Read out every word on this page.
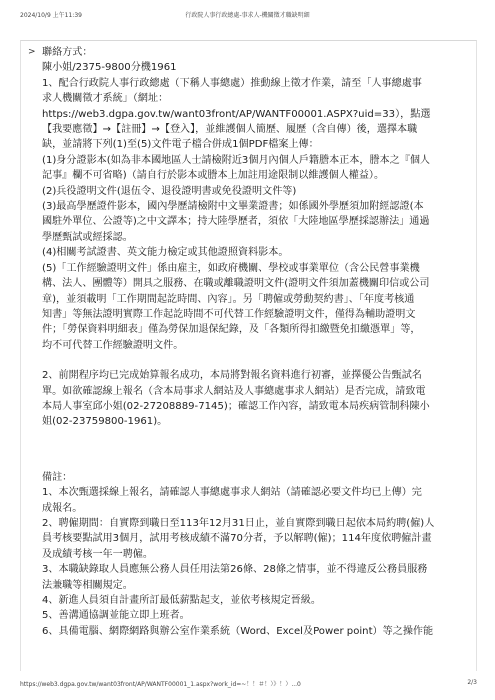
2024/10/9 上午11:39	行政院人事行政總處-事求人-機關徵才職缺明細
> 聯絡方式：
陳小姐/2375-9800分機1961
1、配合行政院人事行政總處（下稱人事總處）推動線上徵才作業，請至「人事總處事
求人機關徵才系統」（網址：
https://web3.dgpa.gov.tw/want03front/AP/WANTF00001.ASPX?uid=33），點選
【我要應徵】→【註冊】→【登入】，並維護個人簡歷、履歷（含自傳）後，選擇本職
缺，並請將下列(1)至(5)文件電子檔合併成1個PDF檔案上傳：
(1)身分證影本(如為非本國地區人士請檢附近3個月內個人戶籍謄本正本，謄本之『個人
記事』欄不可省略)（請自行於影本或謄本上加註用途限制以維護個人權益）。
(2)兵役證明文件(退伍令、退役證明書或免役證明文件等)
(3)最高學歷證件影本，國內學歷請檢附中文畢業證書；如係國外學歷須加附經認證(本
國駐外單位、公證等)之中文譯本；持大陸學歷者，須依「大陸地區學歷採認辦法」通過
學歷甄試或經採認。
(4)相關考試證書、英文能力檢定或其他證照資料影本。
(5)「工作經驗證明文件」係由雇主，如政府機關、學校或事業單位（含公民營事業機
構、法人、團體等）開具之服務、在職或離職證明文件(證明文件須加蓋機關印信或公司
章)，並須載明「工作期間起訖時間、內容」。另「聘僱或勞動契約書」、「年度考核通
知書」等無法證明實際工作起訖時間不可代替工作經驗證明文件，僅得為輔助證明文
件；「勞保資料明細表」僅為勞保加退保紀錄，及「各類所得扣繳暨免扣繳憑單」等，
均不可代替工作經驗證明文件。
2、前開程序均已完成始算報名成功，本局將對報名資料進行初審，並擇優公告甄試名
單。如欲確認線上報名（含本局事求人網站及人事總處事求人網站）是否完成，請致電
本局人事室邱小姐(02-27208889-7145)；確認工作內容，請致電本局疾病管制科陳小
姐(02-23759800-1961)。
備註：
1、本次甄選採線上報名，請確認人事總處事求人網站（請確認必要文件均已上傳）完
成報名。
2、聘僱期間：自實際到職日至113年12月31日止，並自實際到職日起依本局約聘(僱)人
員考核要點試用3個月，試用考核成績不滿70分者，予以解聘(僱)；114年度依聘僱計畫
及成績考核一年一聘僱。
3、本職缺錄取人員應無公務人員任用法第26條、28條之情事，並不得違反公務員服務
法兼職等相關規定。
4、新進人員須自計畫所訂最低薪點起支，並依考核規定晉級。
5、善溝通協調並能立即上班者。
6、具備電腦、網際網路與辦公室作業系統（Word、Excel及Power point）等之操作能
https://web3.dgpa.gov.tw/want03front/AP/WANTF00001_1.aspx?work_id=~！！＃！）》！）...0	2/3
